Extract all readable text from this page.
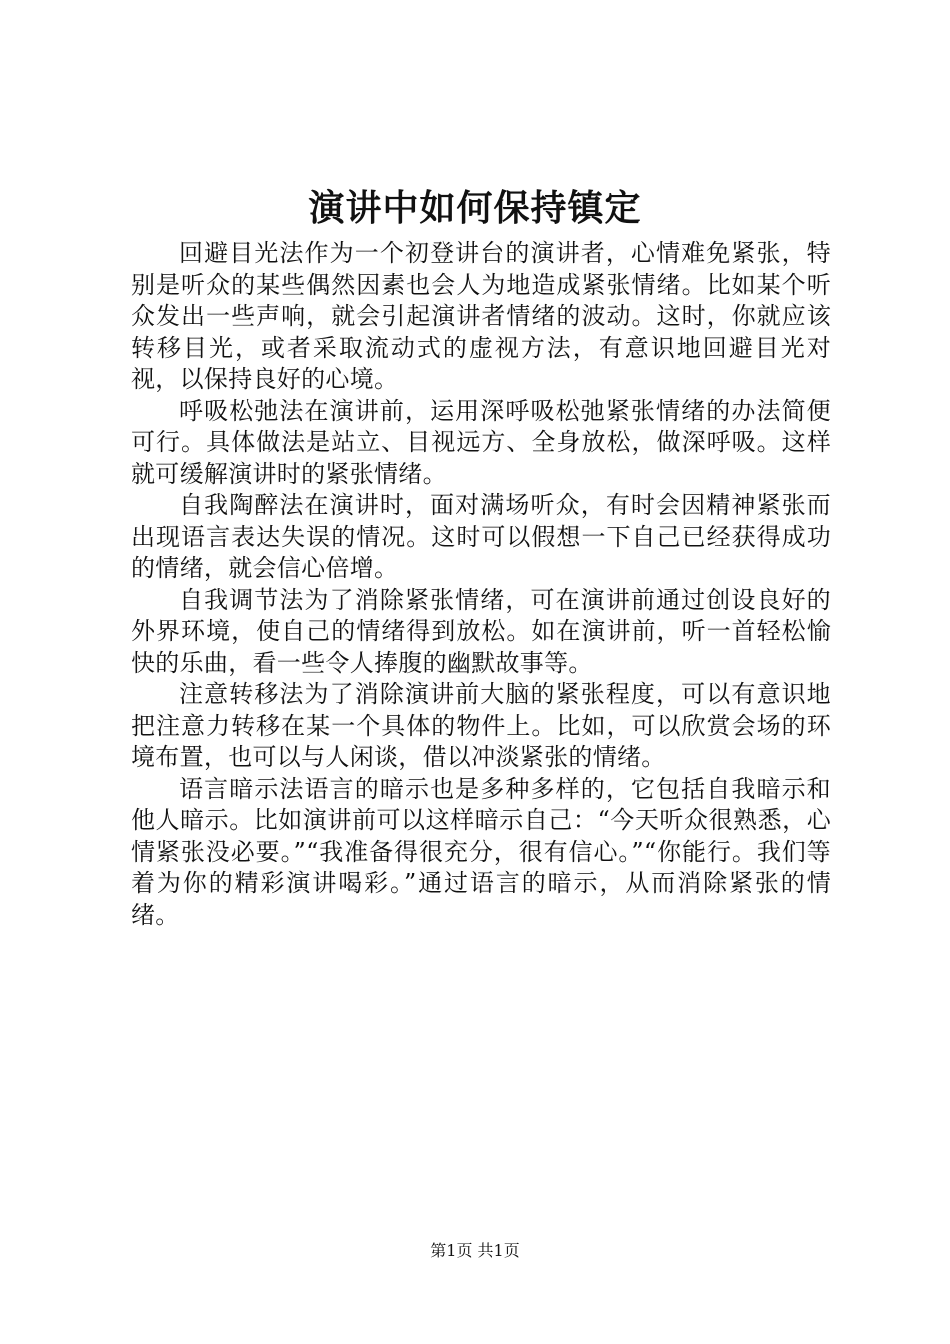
演讲中如何保持镇定

回避目光法作为一个初登讲台的演讲者，心情难免紧张，特别是听众的某些偶然因素也会人为地造成紧张情绪。比如某个听众发出一些声响，就会引起演讲者情绪的波动。这时，你就应该转移目光，或者采取流动式的虚视方法，有意识地回避目光对视，以保持良好的心境。

呼吸松弛法在演讲前，运用深呼吸松弛紧张情绪的办法简便可行。具体做法是站立、目视远方、全身放松，做深呼吸。这样就可缓解演讲时的紧张情绪。

自我陶醉法在演讲时，面对满场听众，有时会因精神紧张而出现语言表达失误的情况。这时可以假想一下自己已经获得成功的情绪，就会信心倍增。

自我调节法为了消除紧张情绪，可在演讲前通过创设良好的外界环境，使自己的情绪得到放松。如在演讲前，听一首轻松愉快的乐曲，看一些令人捧腹的幽默故事等。

注意转移法为了消除演讲前大脑的紧张程度，可以有意识地把注意力转移在某一个具体的物件上。比如，可以欣赏会场的环境布置，也可以与人闲谈，借以冲淡紧张的情绪。

语言暗示法语言的暗示也是多种多样的，它包括自我暗示和他人暗示。比如演讲前可以这样暗示自己：“今天听众很熟悉，心情紧张没必要。”“我准备得很充分，很有信心。”“你能行。我们等着为你的精彩演讲喝彩。”通过语言的暗示，从而消除紧张的情绪。

第1页 共1页
